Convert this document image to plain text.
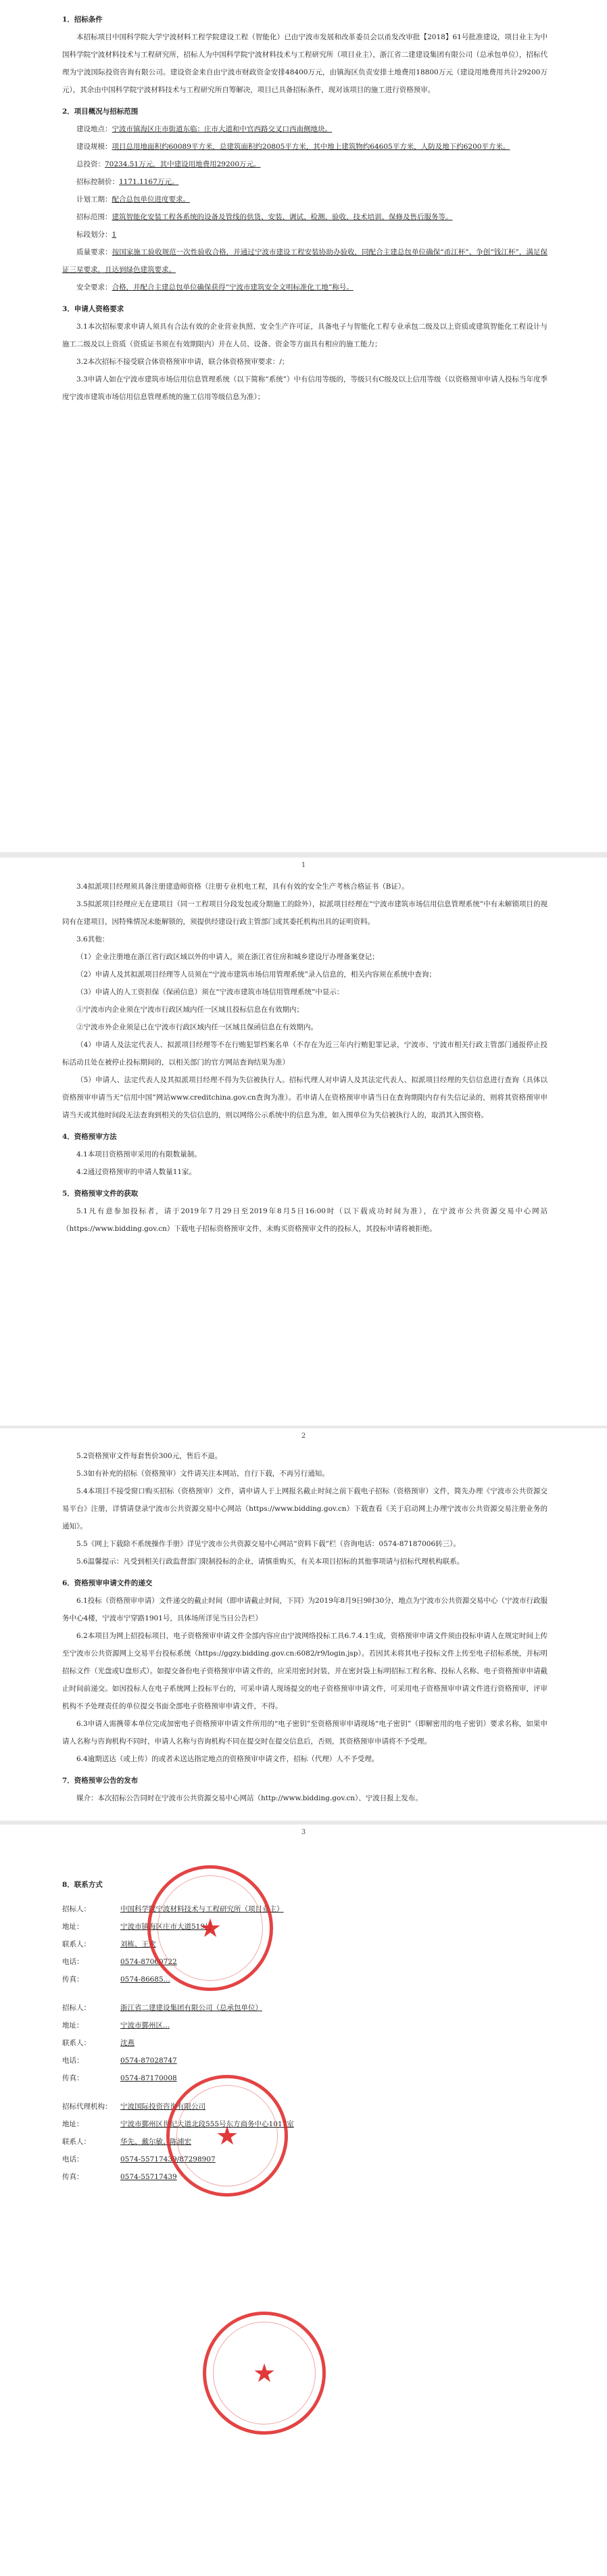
1．招标条件
本招标项目中国科学院大学宁波材料工程学院建设工程（智能化）已由宁波市发展和改革委员会以甬发改审批【2018】61号批准建设，项目业主为中国科学院宁波材料技术与工程研究所，招标人为中国科学院宁波材料技术与工程研究所（项目业主），浙江省二建建设集团有限公司（总承包单位），招标代理为宁波国际投资咨询有限公司。建设资金来自由宁波市财政资金安排48400万元，由镇海区负责安排土地费用18800万元（建设用地费用共计29200万元），其余由中国科学院宁波材料技术与工程研究所自筹解决，项目已具备招标条件，现对该项目的施工进行资格预审。
2．项目概况与招标范围
建设地点：宁波市镇海区庄市街道东临：庄市大道和中官西路交叉口西南侧地块。
建设规模：项目总用地面积约60089平方米，总建筑面积约20805平方米，其中地上建筑物约64605平方米，人防及地下约6200平方米。
总投资：70234.51万元，其中建设用地费用29200万元。
招标控制价：1171.1167万元。
计划工期：配合总包单位进度要求。
招标范围：建筑智能化安装工程各系统的设备及管线的供货、安装、调试、检测、验收、技术培训、保修及售后服务等。
标段划分：1
质量要求：按国家施工验收规范一次性验收合格，并通过宁波市建设工程安装协助办验收，同配合主建总包单位确保“甬江杯”、争创“钱江杯”，满足保证三星要求，且达到绿色建筑要求。
安全要求：合格，并配合主建总包单位确保获得“宁波市建筑安全文明标准化工地”称号。
3．申请人资格要求
3.1本次招标要求申请人须具有合法有效的企业营业执照、安全生产许可证，具备电子与智能化工程专业承包二级及以上资质或建筑智能化工程设计与施工二级及以上资质（资质证书须在有效期限内）并在人员、设备、资金等方面具有相应的施工能力；
3.2本次招标不接受联合体资格预审申请，联合体资格预审要求：/；
3.3申请人如在宁波市建筑市场信用信息管理系统（以下简称“系统”）中有信用等级的，等级只有C级及以上信用等级（以资格预审申请人投标当年度季度宁波市建筑市场信用信息管理系统的施工信用等级信息为准）；
1
3.4拟派项目经理须具备注册建造师资格（注册专业机电工程，具有有效的安全生产考核合格证书（B证）。
3.5拟派项目经理应无在建项目（同一工程项目分段发包或分期施工的除外），拟派项目经理在“宁波市建筑市场信用信息管理系统”中有未解锁项目的视同有在建项目，因特殊情况未能解锁的，须提供经建设行政主管部门或其委托机构出具的证明资料。
3.6其他：
（1）企业注册地在浙江省行政区域以外的申请人，须在浙江省住房和城乡建设厅办理备案登记；
（2）申请人及其拟派项目经理等人员须在“宁波市建筑市场信用管理系统”录入信息的，相关内容须在系统中查询；
（3）申请人的人工资担保（保函信息）须在“宁波市建筑市场信用管理系统”中显示：
①宁波市内企业须在宁波市行政区域内任一区域且投标信息在有效期内；
②宁波市外企业须是已在宁波市行政区域内任一区域且保函信息在有效期内。
（4）申请人及法定代表人、拟派项目经理等不在行贿犯罪档案名单（不存在为近三年内行贿犯罪记录，宁波市、宁波市相关行政主管部门通报停止投标活动且处在被停止投标期间的，以相关部门的官方网站查询结果为准）
（5）申请人、法定代表人及其拟派项目经理不得为失信被执行人。招标代理人对申请人及其法定代表人、拟派项目经理的失信信息进行查询（具体以资格预审申请当天“信用中国”网站www.creditchina.gov.cn查询为准）。若申请人在资格预审申请当日在查询期限内存有失信记录的，则将其资格预审申请当天或其他时间段无法查询到相关的失信信息的，则以网络公示系统中的信息为准，如入围单位为失信被执行人的，取消其入围资格。
4．资格预审方法
4.1本项目资格预审采用的有限数量制。
4.2通过资格预审的申请人数量11家。
5．资格预审文件的获取
5.1凡有意参加投标者，请于2019年7月29日至2019年8月5日16:00时（以下载成功时间为准），在宁波市公共资源交易中心网站（https://www.bidding.gov.cn）下载电子招标资格预审文件，未购买资格预审文件的投标人，其投标申请将被拒绝。
2
5.2资格预审文件每套售价300元，售后不退。
5.3如有补充的招标（资格预审）文件请关注本网站，自行下载，不再另行通知。
5.4本项目不接受窗口购买招标（资格预审）文件，请申请人于上网报名截止时间之前下载电子招标（资格预审）文件，简先办理《宁波市公共资源交易平台》注册，详情请登录宁波市公共资源交易中心网站（https://www.bidding.gov.cn）下载查看《关于启动网上办理宁波市公共资源交易注册业务的通知》。
5.5《网上下载除不系统操作手册》详见宁波市公共资源交易中心网站“资料下载”栏（咨询电话：0574-87187006转三）。
5.6温馨提示：凡受到相关行政监督部门限制投标的企业，请慎重购买，有关本项目招标的其他事项请与招标代理机构联系。
6．资格预审申请文件的递交
6.1投标（资格预审申请）文件递交的截止时间（即申请截止时间，下同）为2019年8月9日9时30分，地点为宁波市公共资源交易中心（宁波市行政服务中心4楼，宁波市宁穿路1901号，具体场所详见当日公告栏）
6.2本项目为网上招投标项目，电子资格预审申请文件全部内容应由宁波网络投标工具6.7.4.1生成，资格预审申请文件须由投标申请人在规定时间上传至宁波市公共资源网上交易平台投标系统（https://ggzy.bidding.gov.cn:6082/r9/login.jsp）。若因其未将其电子投标文件上传至电子招标系统，并标明招标文件（光盘或U盘形式）。如提交备份电子资格预审申请文件的，应采用密封封装，并在密封袋上标明招标工程名称、投标人名称、电子资格预审申请截止时间前递交。如因投标人在电子系统网上投标平台的，可采申请人现场提交的电子资格预审申请文件，可采用电子资格预审申请文件进行资格预审，评审机构不予处理责任的单位提交书面全部电子资格预审申请文件，不得。
6.3申请人需携带本单位完成加密电子资格预审申请文件所用的“电子密钥”至资格预审申请现场“电子密钥”（即解密用的电子密钥）要求名称，如果申请人名称与咨询机构不同时，申请人名称与咨询机构不同在提交时在提交信息后，否则，其资格预审申请将不予受理。
6.4逾期送达（或上传）的或者未送达指定地点的资格预审申请文件，招标（代理）人不予受理。
7．资格预审公告的发布
媒介：本次招标公告同时在宁波市公共资源交易中心网站（http://www.bidding.gov.cn）、宁波日报上发布。
3
8．联系方式
招标人：	中国科学院宁波材料技术与工程研究所（项目业主）
地址：	宁波市镇海区庄市大道519号
联系人：	刘栋、王欢
电话：	0574-87060722
传真：	0574-86685...
招标人：	浙江省二建建设集团有限公司（总承包单位）
地址：	宁波市鄞州区...
联系人：	沈燕
电话：	0574-87028747
传真：	0574-87170008
招标代理机构：	宁波国际投资咨询有限公司
地址：	宁波市鄞州区世纪大道北段555号东方商务中心1017室
联系人：	华先、戴尔敏、陈浦宏
电话：	0574-55717439/87298907
传真：	0574-55717439
★
★
★
